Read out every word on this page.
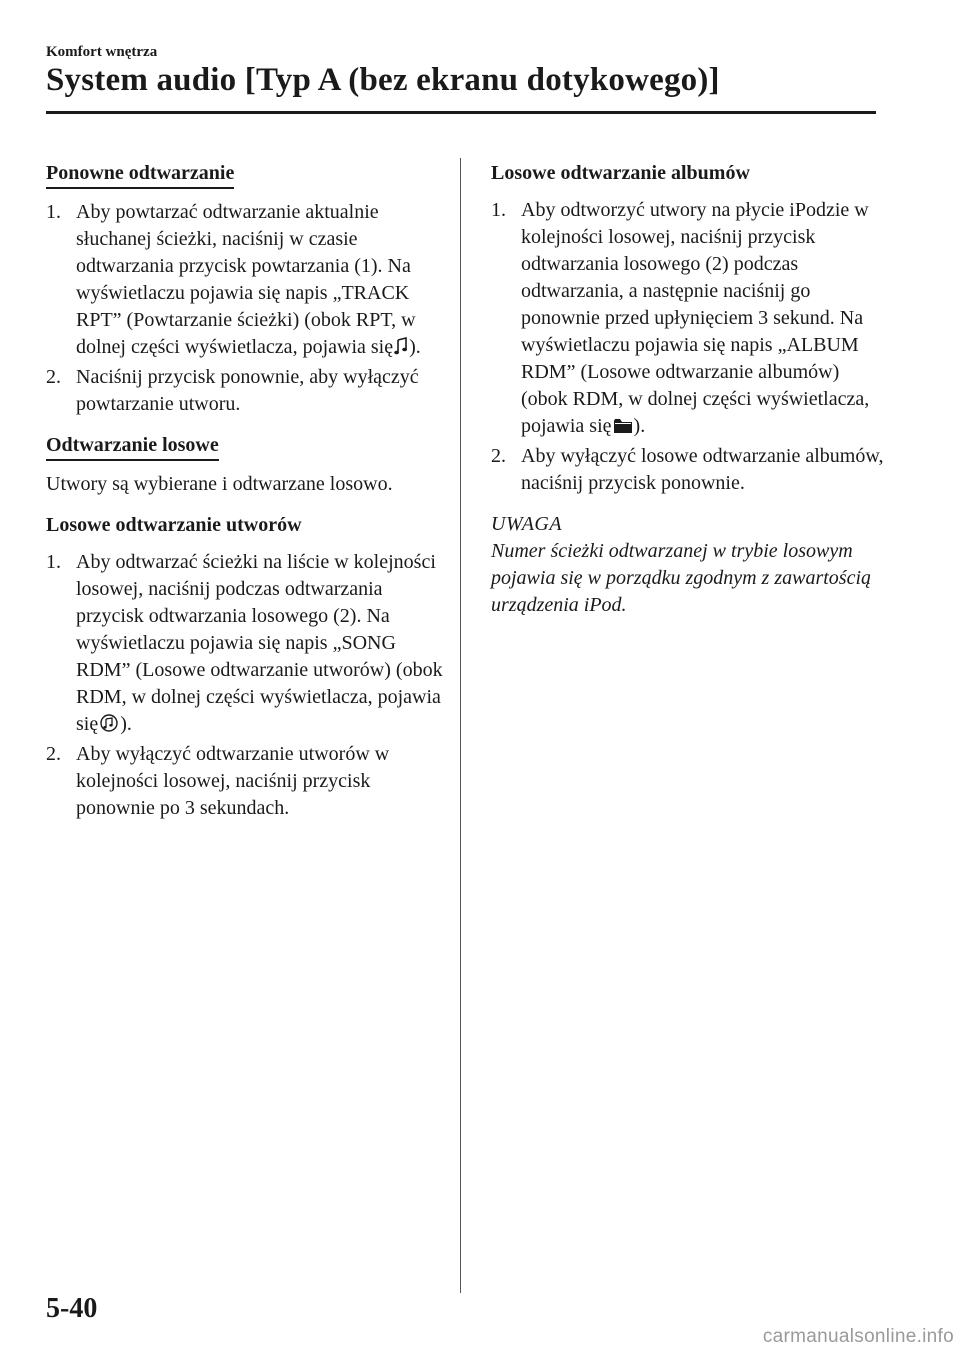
Komfort wnętrza
System audio [Typ A (bez ekranu dotykowego)]
Ponowne odtwarzanie
1. Aby powtarzać odtwarzanie aktualnie słuchanej ścieżki, naciśnij w czasie odtwarzania przycisk powtarzania (1). Na wyświetlaczu pojawia się napis „TRACK RPT” (Powtarzanie ścieżki) (obok RPT, w dolnej części wyświetlacza, pojawia się ).
2. Naciśnij przycisk ponownie, aby wyłączyć powtarzanie utworu.
Odtwarzanie losowe
Utwory są wybierane i odtwarzane losowo.
Losowe odtwarzanie utworów
1. Aby odtwarzać ścieżki na liście w kolejności losowej, naciśnij podczas odtwarzania przycisk odtwarzania losowego (2). Na wyświetlaczu pojawia się napis „SONG RDM” (Losowe odtwarzanie utworów) (obok RDM, w dolnej części wyświetlacza, pojawia się ).
2. Aby wyłączyć odtwarzanie utworów w kolejności losowej, naciśnij przycisk ponownie po 3 sekundach.
Losowe odtwarzanie albumów
1. Aby odtworzyć utwory na płycie iPodzie w kolejności losowej, naciśnij przycisk odtwarzania losowego (2) podczas odtwarzania, a następnie naciśnij go ponownie przed upłynięciem 3 sekund. Na wyświetlaczu pojawia się napis „ALBUM RDM” (Losowe odtwarzanie albumów) (obok RDM, w dolnej części wyświetlacza, pojawia się ).
2. Aby wyłączyć losowe odtwarzanie albumów, naciśnij przycisk ponownie.
UWAGA
Numer ścieżki odtwarzanej w trybie losowym pojawia się w porządku zgodnym z zawartością urządzenia iPod.
5-40
carmanualsonline.info
